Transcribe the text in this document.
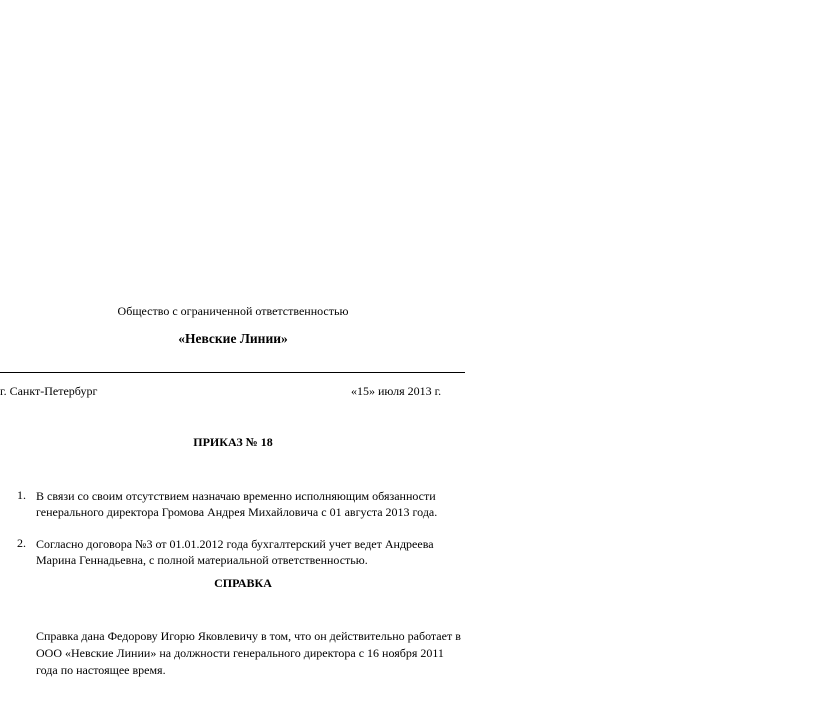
Общество с ограниченной ответственностью
«Невские Линии»
г. Санкт-Петербург	«15» июля 2013 г.
ПРИКАЗ № 18
1. В связи со своим отсутствием назначаю временно исполняющим обязанности
генерального директора Громова Андрея Михайловича с 01 августа 2013 года.
2. Согласно договора №3 от 01.01.2012 года бухгалтерский учет ведет Андреева
Марина Геннадьевна, с полной материальной ответственностью.
СПРАВКА
Справка дана Федорову Игорю Яковлевичу в том, что он действительно работает в
ООО «Невские Линии» на должности генерального директора с 16 ноября 2011
года по настоящее время.
